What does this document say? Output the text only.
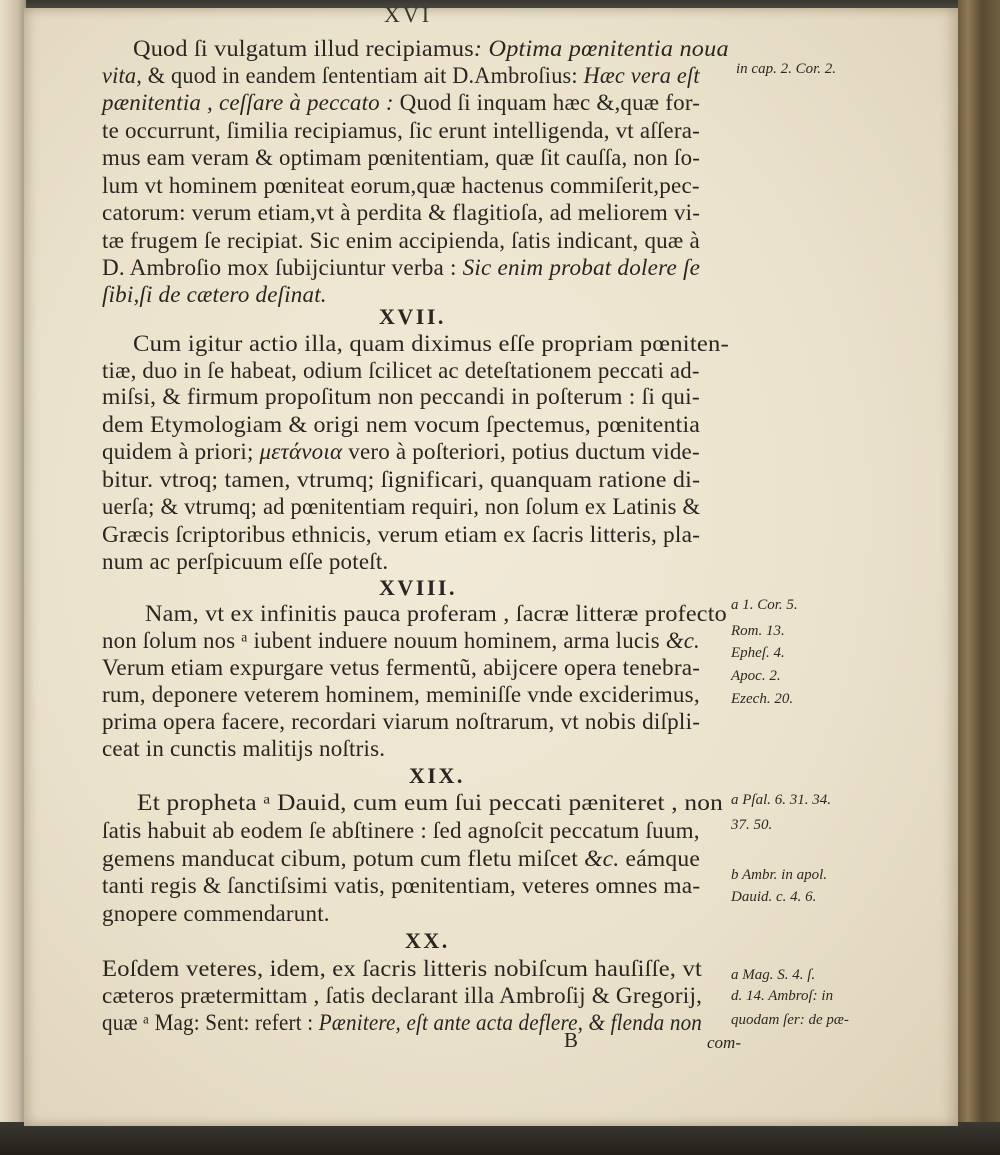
XVI
Quod ſi vulgatum illud recipiamus: Optima pœnitentia noua
vita, & quod in eandem ſententiam ait D.Ambroſius: Hæc vera eſt
pænitentia , ceſſare à peccato : Quod ſi inquam hæc &,quæ for-
te occurrunt, ſimilia recipiamus, ſic erunt intelligenda, vt aſſera-
mus eam veram & optimam pœnitentiam, quæ ſit cauſſa, non ſo-
lum vt hominem pœniteat eorum,quæ hactenus commiſerit,pec-
catorum: verum etiam,vt à perdita & flagitioſa, ad meliorem vi-
tæ frugem ſe recipiat. Sic enim accipienda, ſatis indicant, quæ à
D. Ambroſio mox ſubijciuntur verba : Sic enim probat dolere ſe
ſibi,ſi de cætero deſinat.
XVII.
Cum igitur actio illa, quam diximus eſſe propriam pœniten-
tiæ, duo in ſe habeat, odium ſcilicet ac deteſtationem peccati ad-
miſsi, & firmum propoſitum non peccandi in poſterum : ſi qui-
dem Etymologiam & origi nem vocum ſpectemus, pœnitentia
quidem à priori; μετάνοια vero à poſteriori, potius ductum vide-
bitur. vtroq; tamen, vtrumq; ſignificari, quanquam ratione di-
uerſa; & vtrumq; ad pœnitentiam requiri, non ſolum ex Latinis &
Græcis ſcriptoribus ethnicis, verum etiam ex ſacris litteris, pla-
num ac perſpicuum eſſe poteſt.
XVIII.
Nam, vt ex infinitis pauca proferam , ſacræ litteræ profecto
non ſolum nos ᵃ iubent induere nouum hominem, arma lucis &c.
Verum etiam expurgare vetus fermentũ, abijcere opera tenebra-
rum, deponere veterem hominem, meminiſſe vnde exciderimus,
prima opera facere, recordari viarum noſtrarum, vt nobis diſpli-
ceat in cunctis malitijs noſtris.
XIX.
Et propheta ᵃ Dauid, cum eum ſui peccati pæniteret , non
ſatis habuit ab eodem ſe abſtinere : ſed agnoſcit peccatum ſuum,
gemens manducat cibum, potum cum fletu miſcet &c. eámque
tanti regis & ſanctiſsimi vatis, pœnitentiam, veteres omnes ma-
gnopere commendarunt.
XX.
Eoſdem veteres, idem, ex ſacris litteris nobiſcum hauſiſſe, vt
cæteros prætermittam , ſatis declarant illa Ambroſij & Gregorij,
quæ ᵃ Mag: Sent: refert : Pænitere, eſt ante acta deflere, & flenda non
in cap. 2. Cor. 2.
a 1. Cor. 5.
Rom. 13.
Epheſ. 4.
Apoc. 2.
Ezech. 20.
a Pſal. 6. 31. 34.
37. 50.
b Ambr. in apol.
Dauid. c. 4. 6.
a Mag. S. 4. ſ.
d. 14. Ambroſ: in
quodam ſer: de pæ-
B	com-
